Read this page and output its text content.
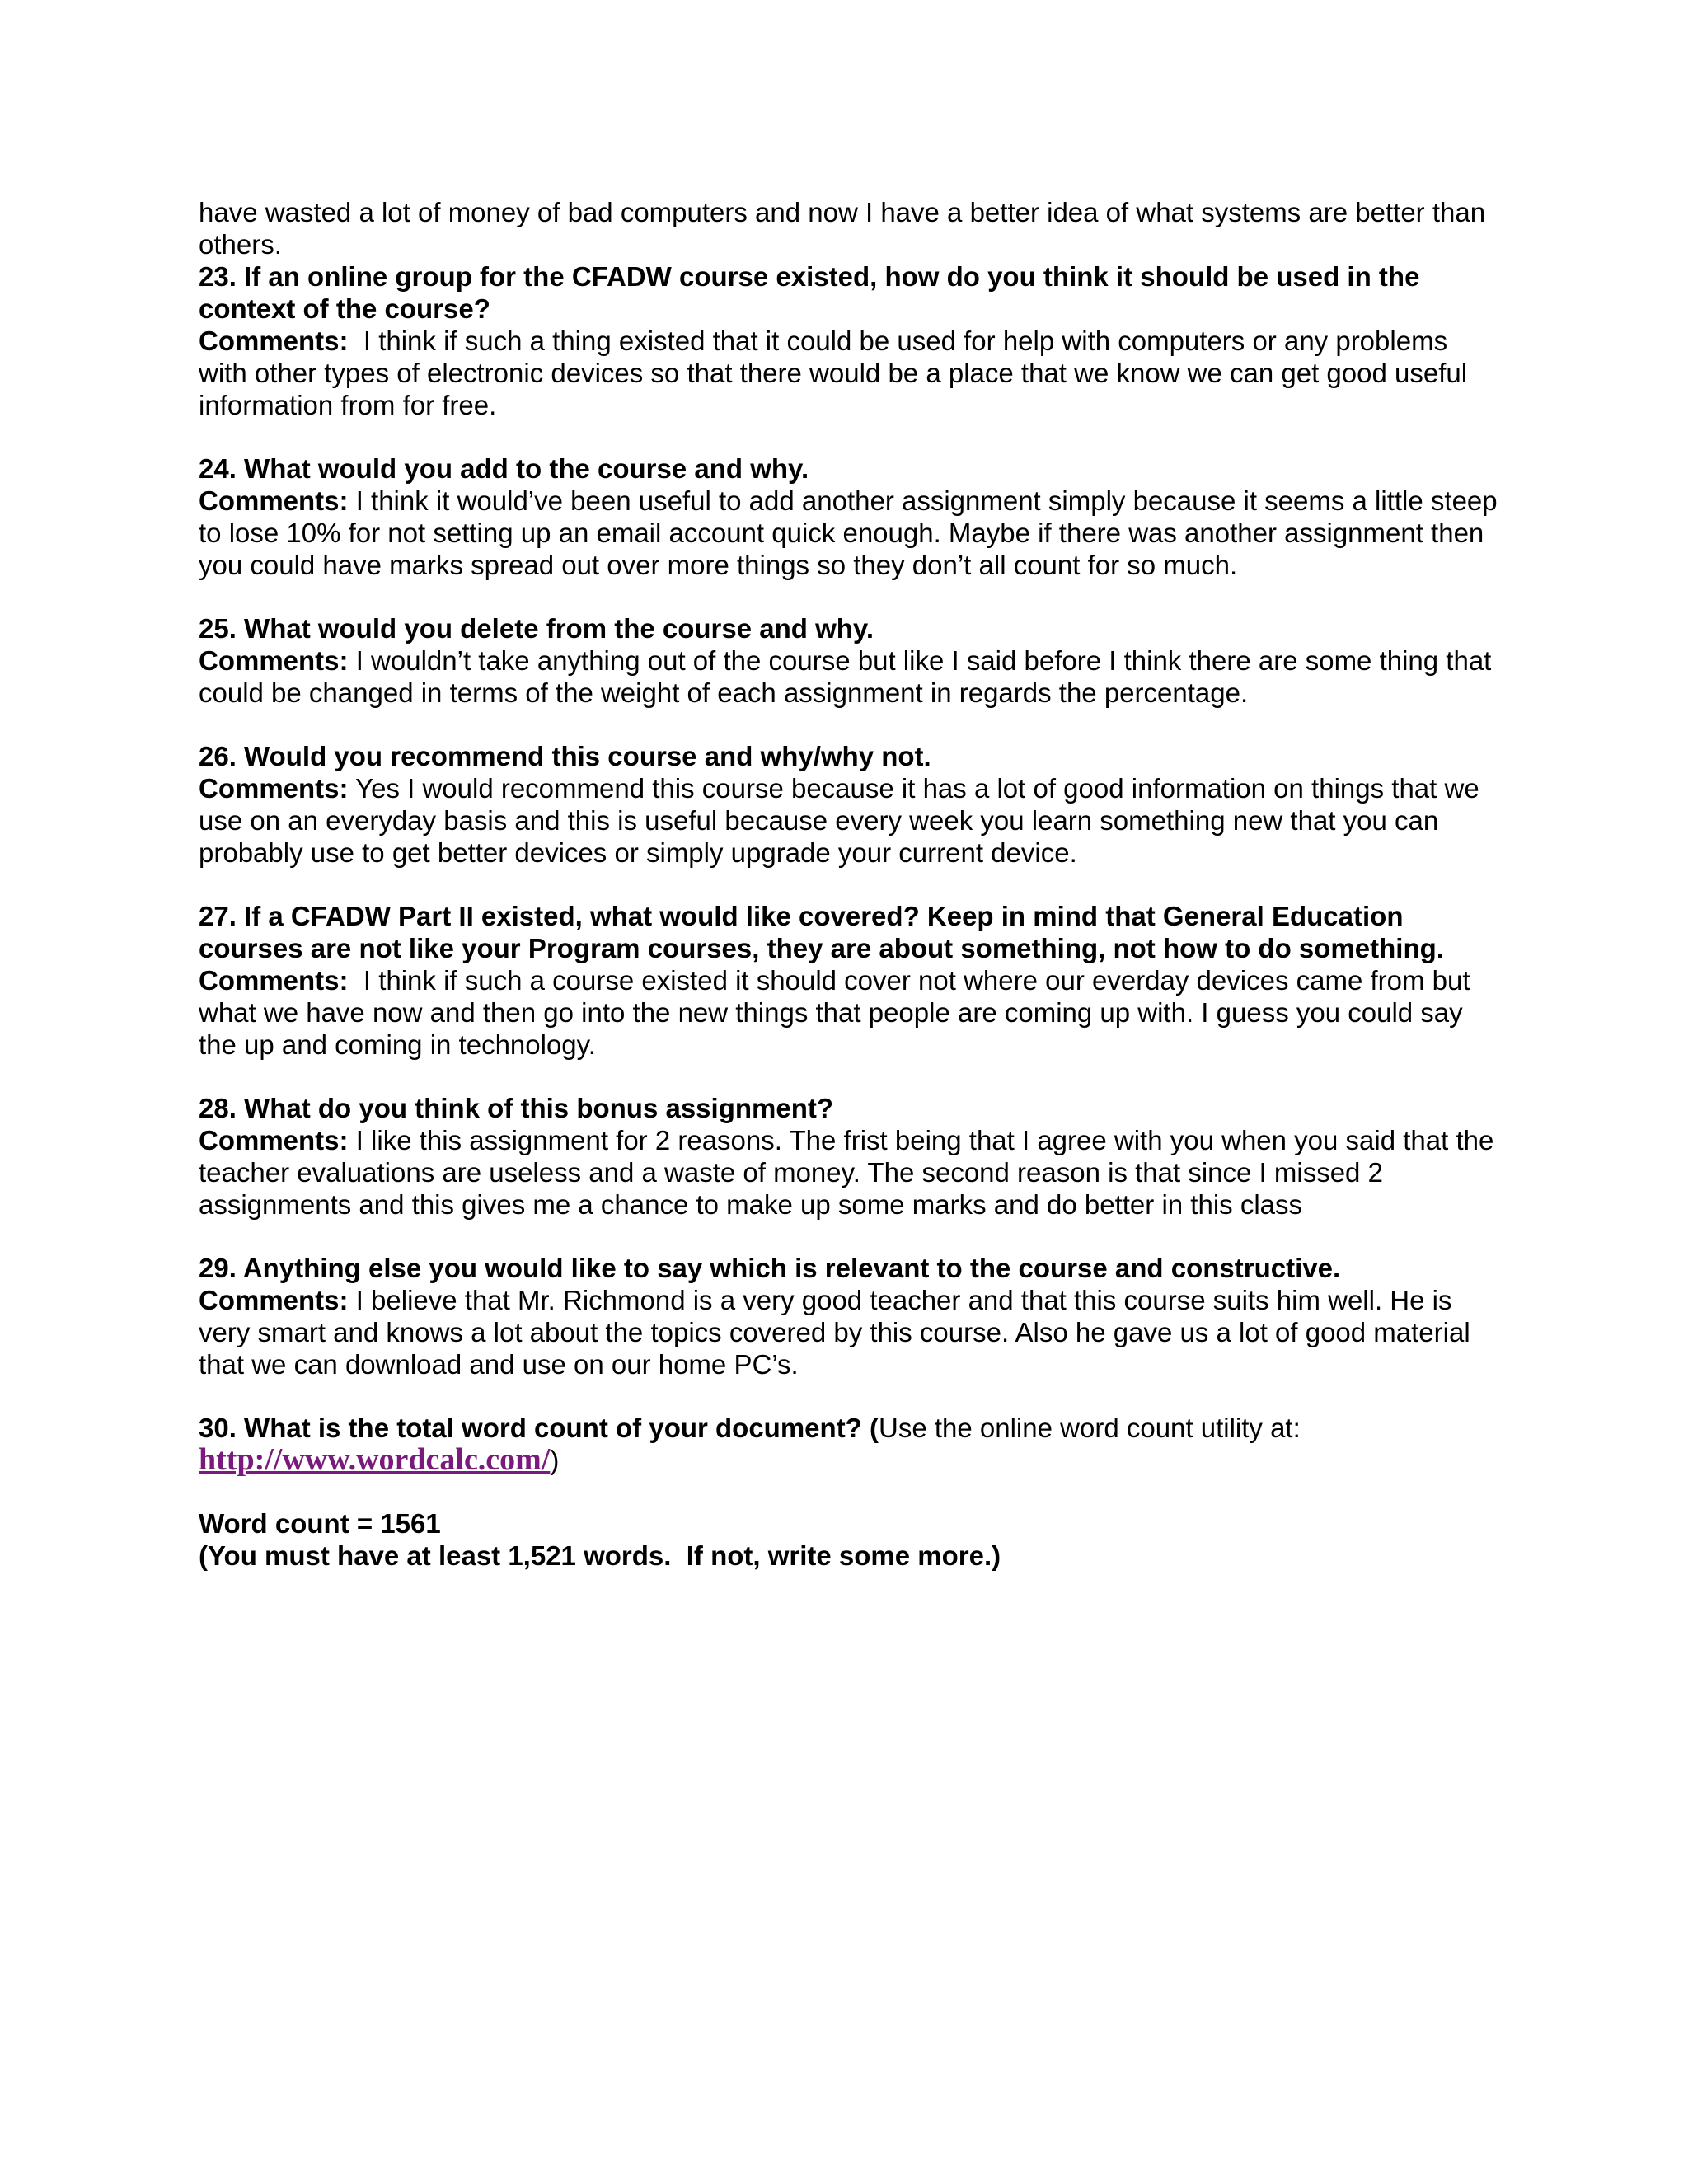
have wasted a lot of money of bad computers and now I have a better idea of what systems are better than others.

23. If an online group for the CFADW course existed, how do you think it should be used in the context of the course?

Comments:  I think if such a thing existed that it could be used for help with computers or any problems with other types of electronic devices so that there would be a place that we know we can get good useful information from for free.

24. What would you add to the course and why.

Comments: I think it would’ve been useful to add another assignment simply because it seems a little steep to lose 10% for not setting up an email account quick enough. Maybe if there was another assignment then you could have marks spread out over more things so they don’t all count for so much.

25. What would you delete from the course and why.

Comments: I wouldn’t take anything out of the course but like I said before I think there are some thing that could be changed in terms of the weight of each assignment in regards the percentage.

26. Would you recommend this course and why/why not.

Comments: Yes I would recommend this course because it has a lot of good information on things that we use on an everyday basis and this is useful because every week you learn something new that you can probably use to get better devices or simply upgrade your current device.

27. If a CFADW Part II existed, what would like covered? Keep in mind that General Education courses are not like your Program courses, they are about something, not how to do something.

Comments:  I think if such a course existed it should cover not where our everday devices came from but what we have now and then go into the new things that people are coming up with. I guess you could say the up and coming in technology.

28. What do you think of this bonus assignment?

Comments: I like this assignment for 2 reasons. The frist being that I agree with you when you said that the teacher evaluations are useless and a waste of money. The second reason is that since I missed 2 assignments and this gives me a chance to make up some marks and do better in this class

29. Anything else you would like to say which is relevant to the course and constructive.

Comments: I believe that Mr. Richmond is a very good teacher and that this course suits him well. He is very smart and knows a lot about the topics covered by this course. Also he gave us a lot of good material that we can download and use on our home PC’s.

30. What is the total word count of your document? (Use the online word count utility at:
http://www.wordcalc.com/)

Word count = 1561

(You must have at least 1,521 words.  If not, write some more.)
